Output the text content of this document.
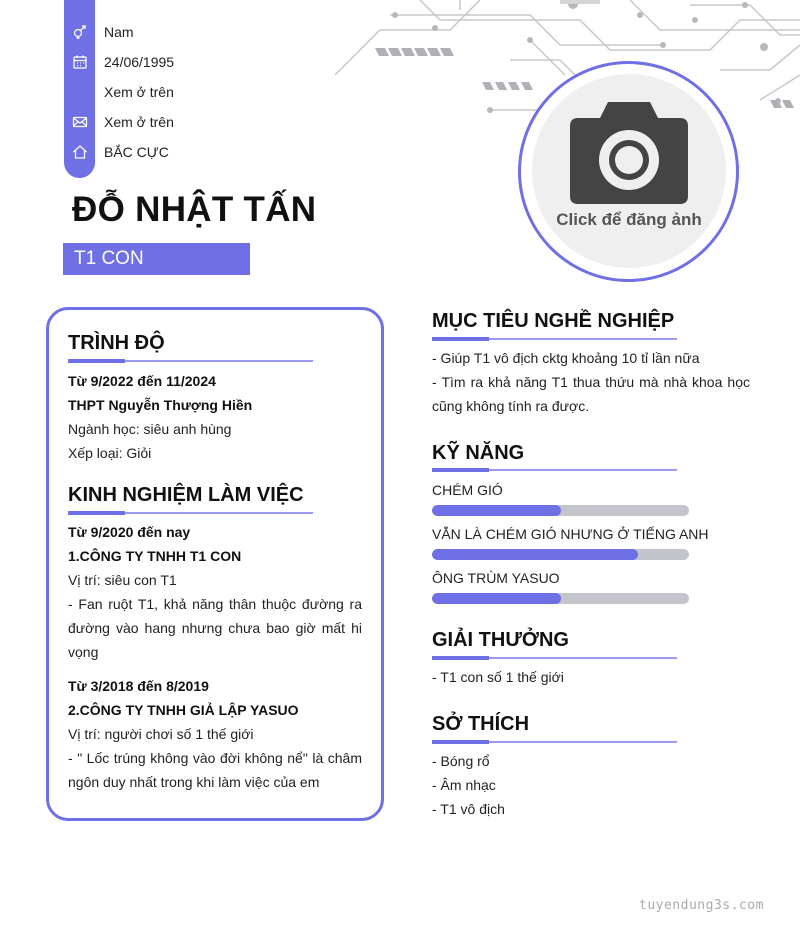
Nam
24/06/1995
Xem ở trên
Xem ở trên
BẮC CỰC
ĐỖ NHẬT TẤN
T1 CON
Click để đăng ảnh
TRÌNH ĐỘ
Từ 9/2022 đến 11/2024
THPT Nguyễn Thượng Hiền
Ngành học: siêu anh hùng
Xếp loại: Giỏi
KINH NGHIỆM LÀM VIỆC
Từ 9/2020 đến nay
1.CÔNG TY TNHH T1 CON
Vị trí: siêu con T1
- Fan ruột T1, khả năng thân thuộc đường ra đường vào hang nhưng chưa bao giờ mất hi vọng
Từ 3/2018 đến 8/2019
2.CÔNG TY TNHH GIẢ LẬP YASUO
Vị trí: người chơi số 1 thế giới
- " Lốc trúng không vào đời không nể" là châm ngôn duy nhất trong khi làm việc của em
MỤC TIÊU NGHỀ NGHIỆP
- Giúp T1 vô địch cktg khoảng 10 tỉ lần nữa
- Tìm ra khả năng T1 thua thứu mà nhà khoa học cũng không tính ra được.
KỸ NĂNG
CHÉM GIÓ
VẪN LÀ CHÉM GIÓ NHƯNG Ở TIẾNG ANH
ÔNG TRÙM YASUO
GIẢI THƯỞNG
- T1 con số 1 thế giới
SỞ THÍCH
- Bóng rổ
- Âm nhạc
- T1 vô địch
tuyendung3s.com
